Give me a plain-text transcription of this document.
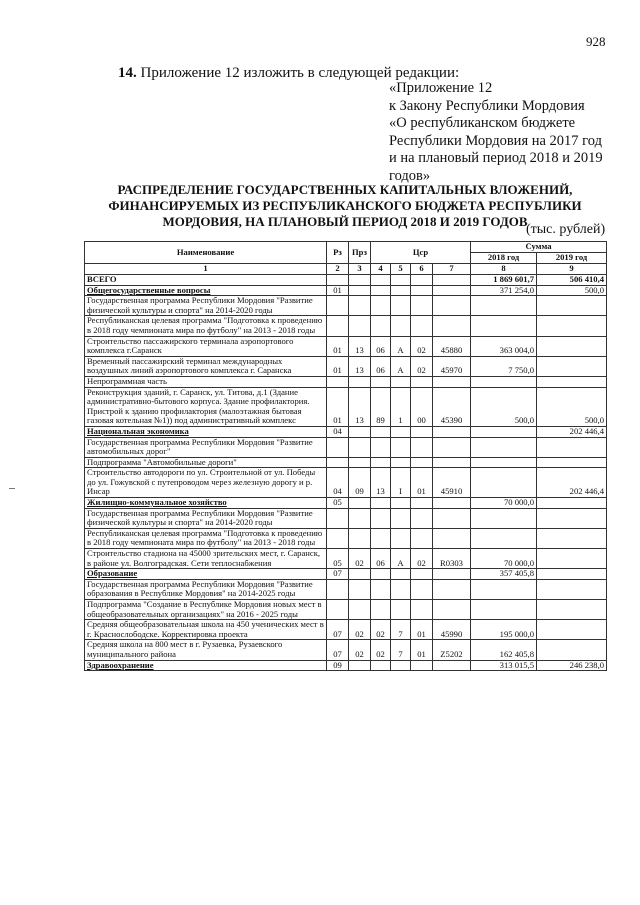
928
14. Приложение 12 изложить в следующей редакции:
«Приложение 12
к Закону Республики Мордовия
«О республиканском бюджете
Республики Мордовия на 2017 год
и на плановый период 2018 и 2019
годов»
РАСПРЕДЕЛЕНИЕ ГОСУДАРСТВЕННЫХ КАПИТАЛЬНЫХ ВЛОЖЕНИЙ,
ФИНАНСИРУЕМЫХ ИЗ РЕСПУБЛИКАНСКОГО БЮДЖЕТА РЕСПУБЛИКИ
МОРДОВИЯ, НА ПЛАНОВЫЙ ПЕРИОД 2018 И 2019 ГОДОВ
(тыс. рублей)
Наименование	Рз	Прз	Цср				Сумма	
							2018 год	2019 год
1	2	3	4	5	6	7	8	9
ВСЕГО							1 869 601,7	506 410,4
Общегосударственные вопросы	01						371 254,0	500,0
Государственная программа Республики Мордовия "Развитие физической культуры и спорта" на 2014-2020 годы								
Республиканская целевая программа "Подготовка к проведению в 2018 году чемпионата мира по футболу" на 2013 - 2018 годы								
Строительство пассажирского терминала аэропортового комплекса г.Саранск	01	13	06	А	02	45880	363 004,0	
Временный пассажирский терминал международных воздушных линий аэропортового комплекса г. Саранска	01	13	06	А	02	45970	7 750,0	
Непрограммная часть								
Реконструкция зданий, г. Саранск, ул. Титова, д.1 (Здание административно-бытового корпуса. Здание профилактория. Пристрой к зданию профилактория (малоэтажная бытовая газовая котельная №1)) под административный комплекс	01	13	89	1	00	45390	500,0	500,0
Национальная экономика	04							202 446,4
Государственная программа Республики Мордовия "Развитие автомобильных дорог"								
Подпрограмма "Автомобильные дороги"								
Строительство автодороги по ул. Строительной от ул. Победы до ул. Гожувской с путепроводом через железную дорогу и р. Инсар	04	09	13	I	01	45910		202 446,4
Жилищно-коммунальное хозяйство	05						70 000,0	
Государственная программа Республики Мордовия "Развитие физической культуры и спорта" на 2014-2020 годы								
Республиканская целевая программа "Подготовка к проведению в 2018 году чемпионата мира по футболу" на 2013 - 2018 годы								
Строительство стадиона на 45000 зрительских мест, г. Саранск, в районе ул. Волгоградская. Сети теплоснабжения	05	02	06	А	02	R0303	70 000,0	
Образование	07						357 405,8	
Государственная программа Республики Мордовия "Развитие образования в Республике Мордовия" на 2014-2025 годы								
Подпрограмма "Создание в Республике Мордовия новых мест в общеобразовательных организациях" на 2016 - 2025 годы								
Средняя общеобразовательная школа на 450 ученических мест в г. Краснослободске. Корректировка проекта	07	02	02	7	01	45990	195 000,0	
Средняя школа на 800 мест в г. Рузаевка, Рузаевского муниципального района	07	02	02	7	01	Z5202	162 405,8	
Здравоохранение	09						313 015,5	246 238,0
